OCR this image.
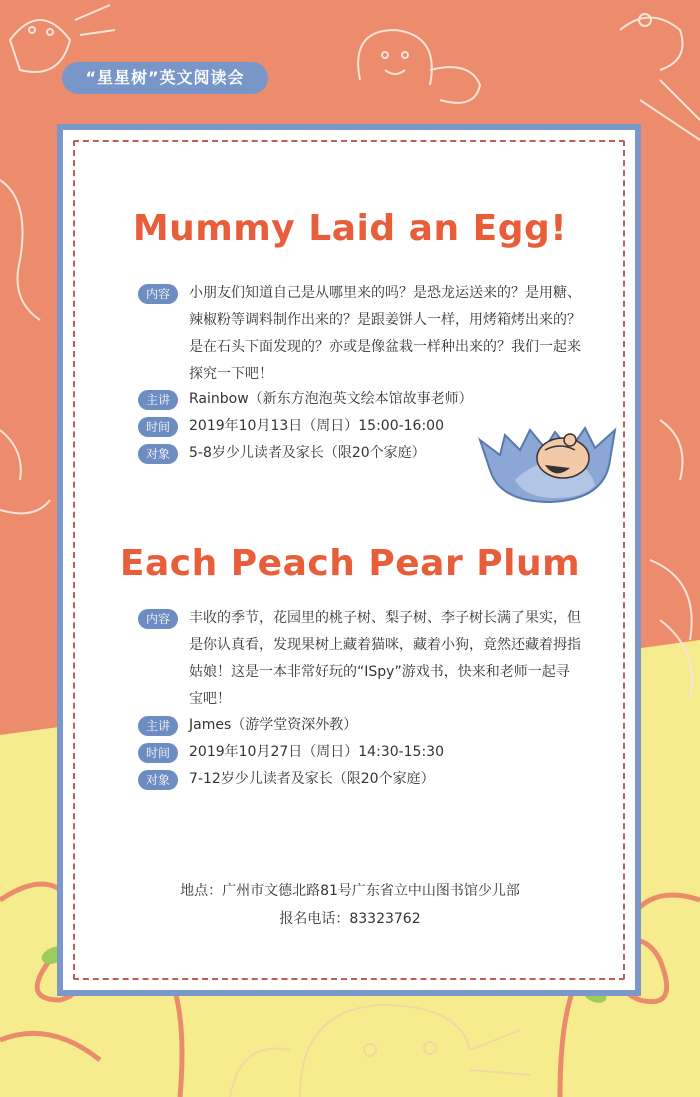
“星星树”英文阅读会
Mummy Laid an Egg!
内容	小朋友们知道自己是从哪里来的吗？是恐龙运送来的？是用糖、
辣椒粉等调料制作出来的？是跟姜饼人一样，用烤箱烤出来的？
是在石头下面发现的？亦或是像盆栽一样种出来的？我们一起来
探究一下吧！
主讲	Rainbow（新东方泡泡英文绘本馆故事老师）
时间	2019年10月13日（周日）15:00-16:00
对象	5-8岁少儿读者及家长（限20个家庭）
Each Peach Pear Plum
内容	丰收的季节，花园里的桃子树、梨子树、李子树长满了果实，但
是你认真看，发现果树上藏着猫咪，藏着小狗，竟然还藏着拇指
姑娘！这是一本非常好玩的“ISpy”游戏书，快来和老师一起寻
宝吧！
主讲	James（游学堂资深外教）
时间	2019年10月27日（周日）14:30-15:30
对象	7-12岁少儿读者及家长（限20个家庭）
地点：广州市文德北路81号广东省立中山图书馆少儿部
报名电话：83323762
